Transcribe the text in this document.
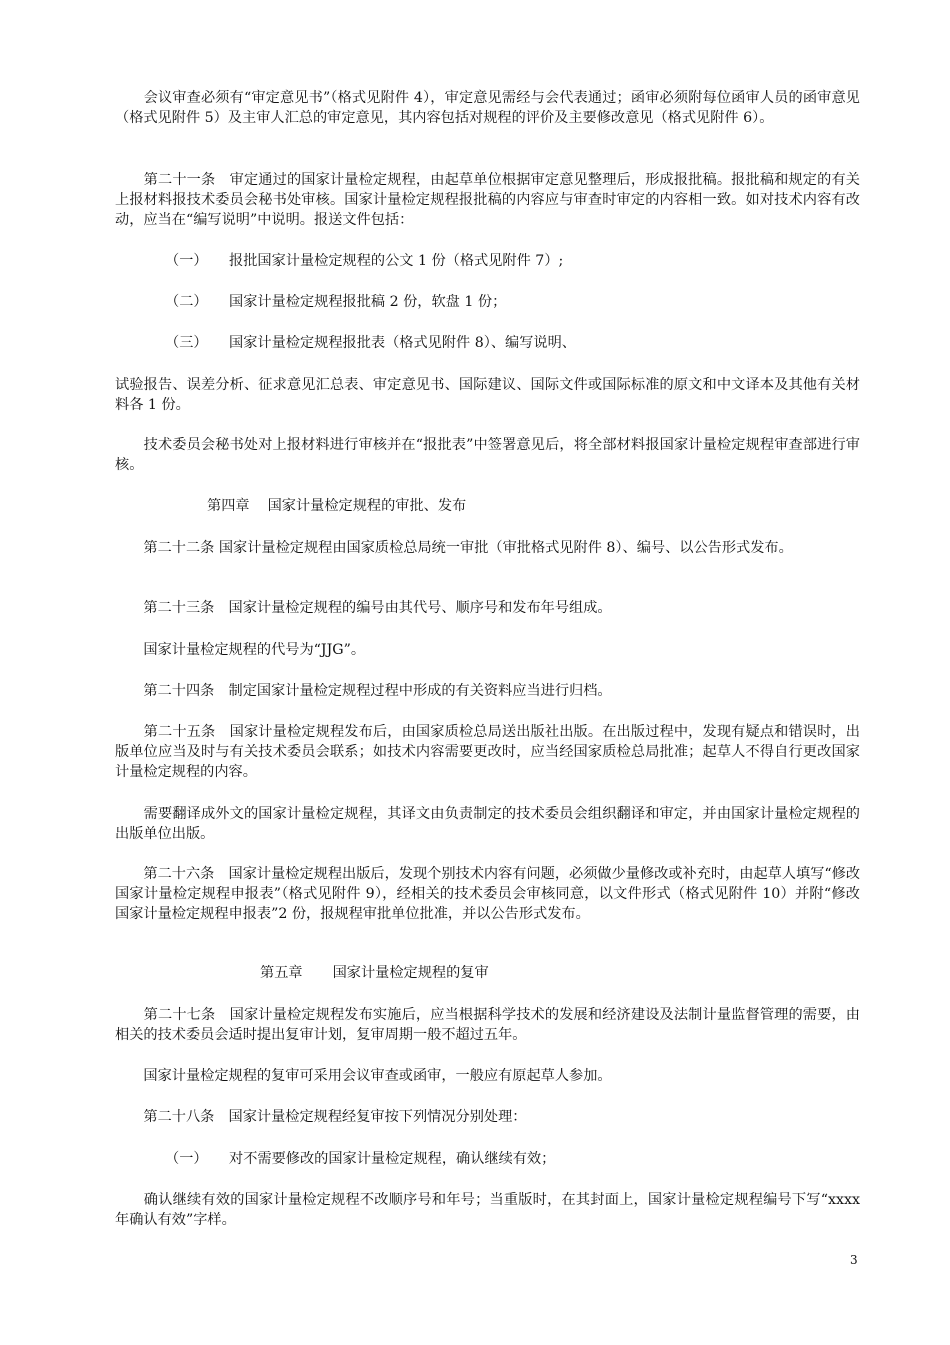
　　会议审查必须有“审定意见书”（格式见附件 4），审定意见需经与会代表通过；函审必须附每位函审人员的函审意见（格式见附件 5）及主审人汇总的审定意见，其内容包括对规程的评价及主要修改意见（格式见附件 6）。

　　第二十一条　审定通过的国家计量检定规程，由起草单位根据审定意见整理后，形成报批稿。报批稿和规定的有关上报材料报技术委员会秘书处审核。国家计量检定规程报批稿的内容应与审查时审定的内容相一致。如对技术内容有改动，应当在“编写说明”中说明。报送文件包括：

（一） 报批国家计量检定规程的公文 1 份（格式见附件 7）;
（二） 国家计量检定规程报批稿 2 份，软盘 1 份；
（三） 国家计量检定规程报批表（格式见附件 8）、编写说明、

试验报告、误差分析、征求意见汇总表、审定意见书、国际建议、国际文件或国际标准的原文和中文译本及其他有关材料各 1 份。

　　技术委员会秘书处对上报材料进行审核并在“报批表”中签署意见后，将全部材料报国家计量检定规程审查部进行审核。

第四章 国家计量检定规程的审批、发布

　　第二十二条 国家计量检定规程由国家质检总局统一审批（审批格式见附件 8）、编号、以公告形式发布。

　　第二十三条　国家计量检定规程的编号由其代号、顺序号和发布年号组成。

　　国家计量检定规程的代号为“JJG”。

　　第二十四条　制定国家计量检定规程过程中形成的有关资料应当进行归档。

　　第二十五条　国家计量检定规程发布后，由国家质检总局送出版社出版。在出版过程中，发现有疑点和错误时，出版单位应当及时与有关技术委员会联系；如技术内容需要更改时，应当经国家质检总局批准；起草人不得自行更改国家计量检定规程的内容。

　　需要翻译成外文的国家计量检定规程，其译文由负责制定的技术委员会组织翻译和审定，并由国家计量检定规程的出版单位出版。

　　第二十六条　国家计量检定规程出版后，发现个别技术内容有问题，必须做少量修改或补充时，由起草人填写“修改国家计量检定规程申报表”（格式见附件 9），经相关的技术委员会审核同意，以文件形式（格式见附件 10）并附“修改国家计量检定规程申报表”2 份，报规程审批单位批准，并以公告形式发布。

第五章 国家计量检定规程的复审

　　第二十七条　国家计量检定规程发布实施后，应当根据科学技术的发展和经济建设及法制计量监督管理的需要，由相关的技术委员会适时提出复审计划，复审周期一般不超过五年。

　　国家计量检定规程的复审可采用会议审查或函审，一般应有原起草人参加。

　　第二十八条　国家计量检定规程经复审按下列情况分别处理：

（一） 对不需要修改的国家计量检定规程，确认继续有效；

　　确认继续有效的国家计量检定规程不改顺序号和年号；当重版时，在其封面上，国家计量检定规程编号下写“xxxx 年确认有效”字样。

3
